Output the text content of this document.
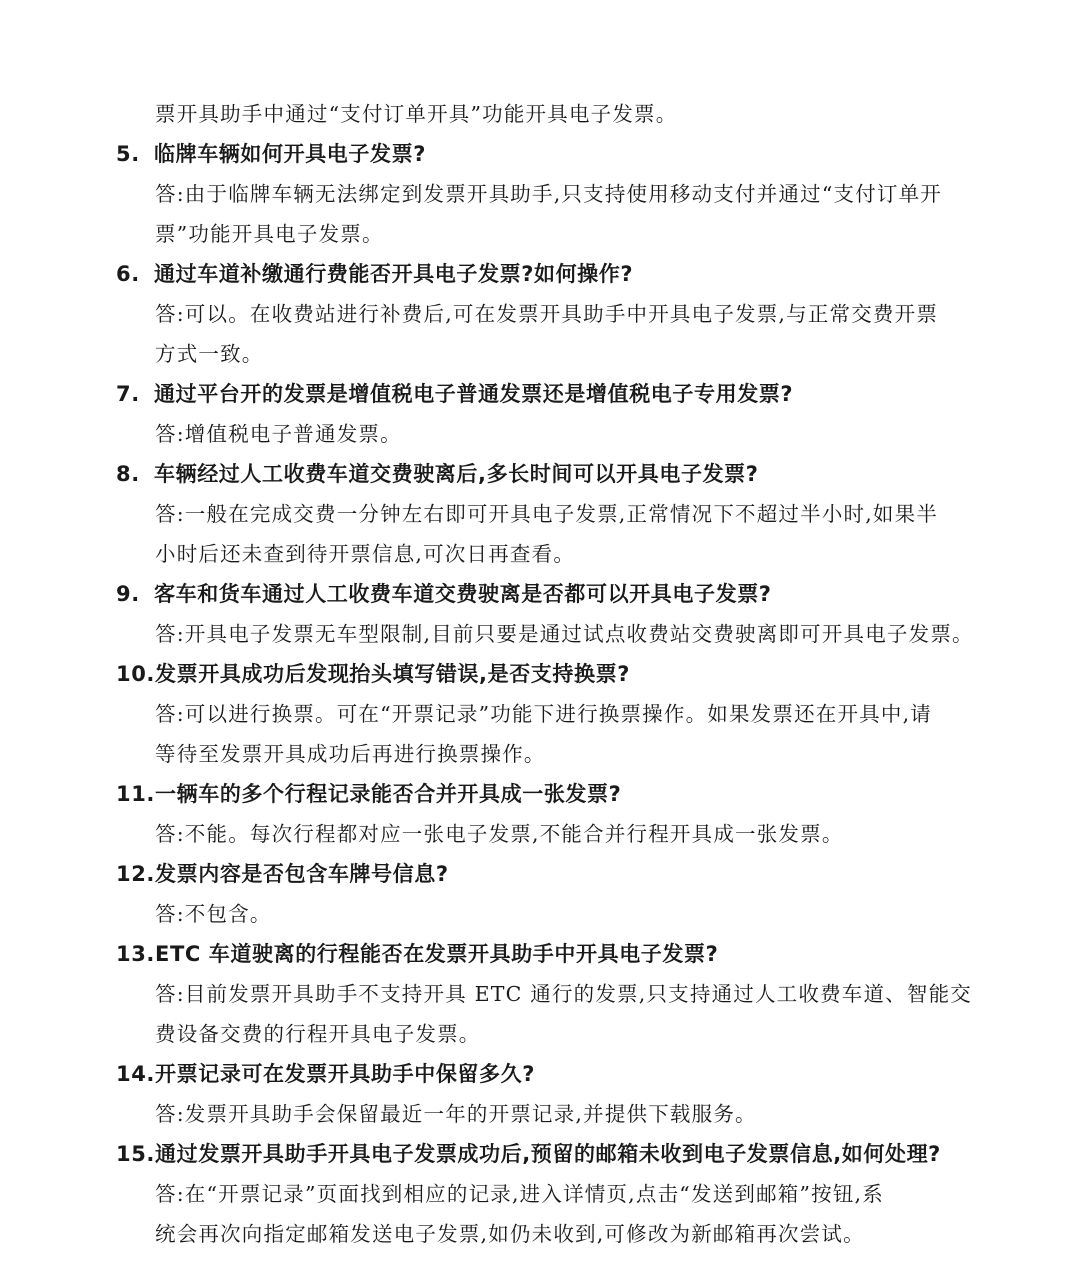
票开具助手中通过“支付订单开具”功能开具电子发票。
5. 临牌车辆如何开具电子发票?
答:由于临牌车辆无法绑定到发票开具助手,只支持使用移动支付并通过“支付订单开
票”功能开具电子发票。
6. 通过车道补缴通行费能否开具电子发票?如何操作?
答:可以。在收费站进行补费后,可在发票开具助手中开具电子发票,与正常交费开票
方式一致。
7. 通过平台开的发票是增值税电子普通发票还是增值税电子专用发票?
答:增值税电子普通发票。
8. 车辆经过人工收费车道交费驶离后,多长时间可以开具电子发票?
答:一般在完成交费一分钟左右即可开具电子发票,正常情况下不超过半小时,如果半
小时后还未查到待开票信息,可次日再查看。
9. 客车和货车通过人工收费车道交费驶离是否都可以开具电子发票?
答:开具电子发票无车型限制,目前只要是通过试点收费站交费驶离即可开具电子发票。
10.发票开具成功后发现抬头填写错误,是否支持换票?
答:可以进行换票。可在“开票记录”功能下进行换票操作。如果发票还在开具中,请
等待至发票开具成功后再进行换票操作。
11.一辆车的多个行程记录能否合并开具成一张发票?
答:不能。每次行程都对应一张电子发票,不能合并行程开具成一张发票。
12.发票内容是否包含车牌号信息?
答:不包含。
13.ETC 车道驶离的行程能否在发票开具助手中开具电子发票?
答:目前发票开具助手不支持开具 ETC 通行的发票,只支持通过人工收费车道、智能交
费设备交费的行程开具电子发票。
14.开票记录可在发票开具助手中保留多久?
答:发票开具助手会保留最近一年的开票记录,并提供下载服务。
15.通过发票开具助手开具电子发票成功后,预留的邮箱未收到电子发票信息,如何处理?
答:在“开票记录”页面找到相应的记录,进入详情页,点击“发送到邮箱”按钮,系
统会再次向指定邮箱发送电子发票,如仍未收到,可修改为新邮箱再次尝试。
